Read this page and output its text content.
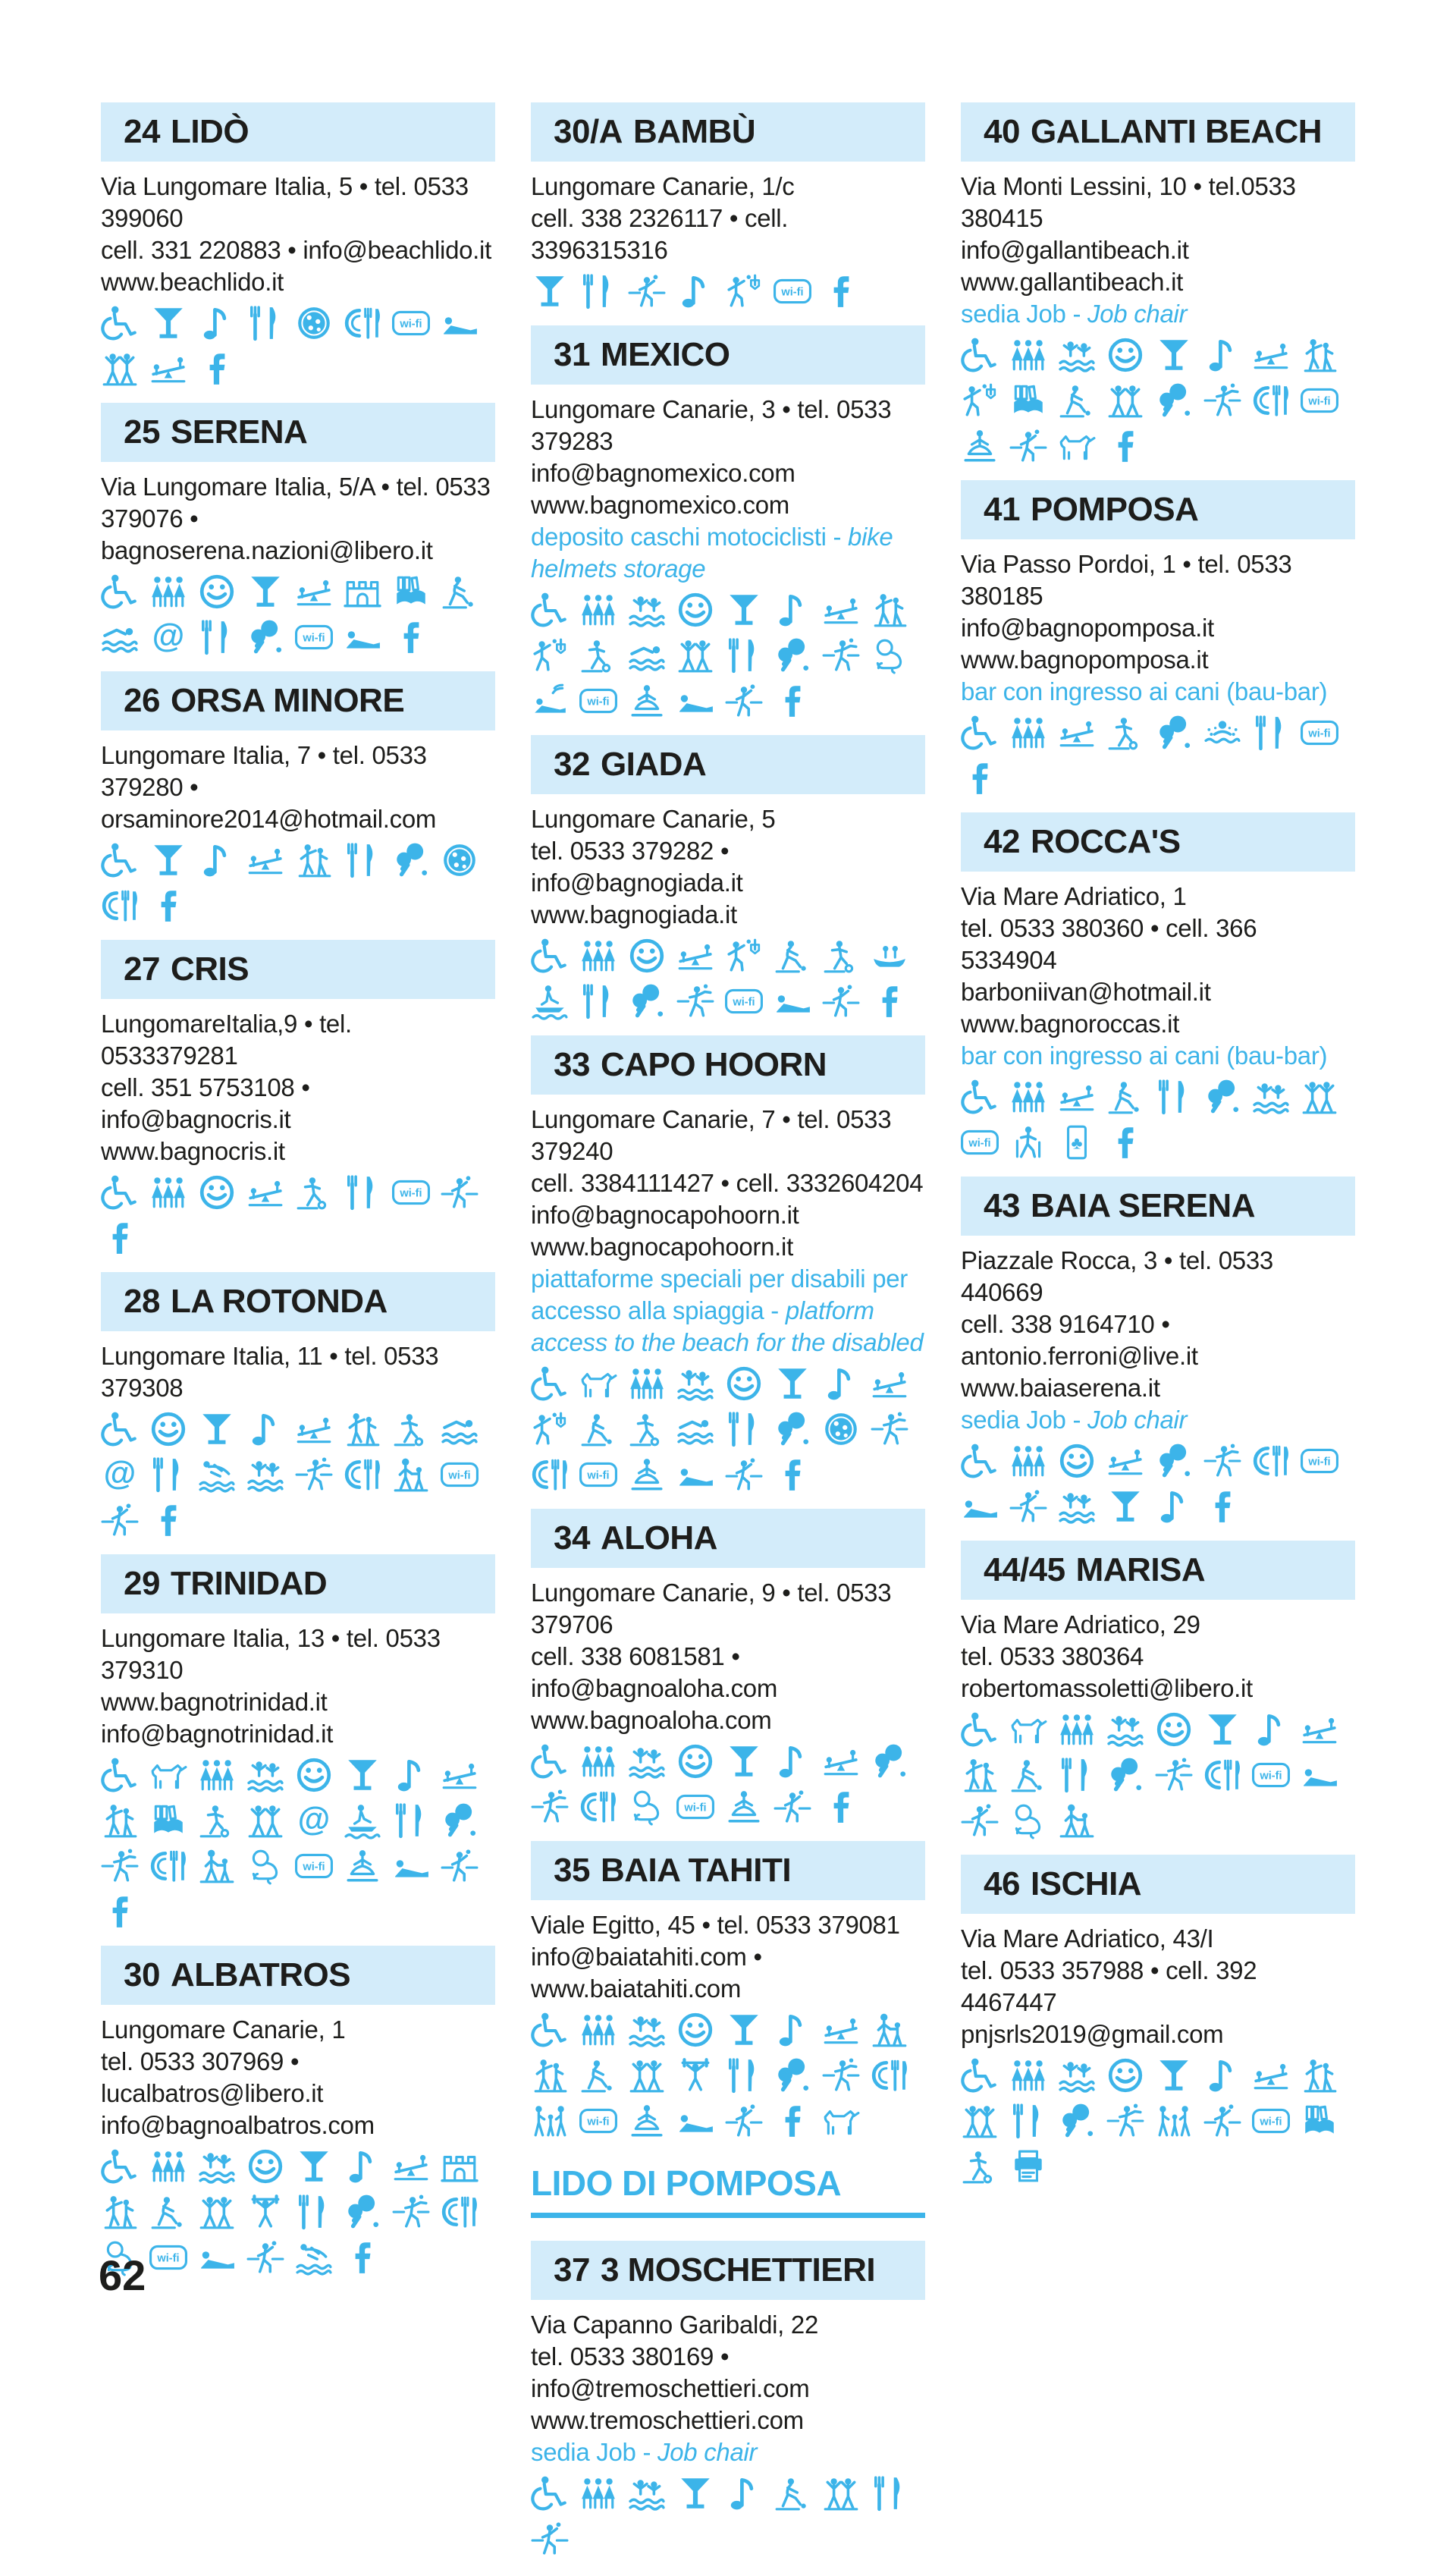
24 LIDÒ
Via Lungomare Italia, 5 • tel. 0533 399060
cell. 331 220883 • info@beachlido.it
www.beachlido.it
wi-fi
25 SERENA
Via Lungomare Italia, 5/A • tel. 0533
379076 • bagnoserena.nazioni@libero.it
@	wi-fi
26 ORSA MINORE
Lungomare Italia, 7 • tel. 0533 379280 •
orsaminore2014@hotmail.com
27 CRIS
LungomareItalia,9 • tel. 0533379281
cell. 351 5753108 • info@bagnocris.it
www.bagnocris.it
wi-fi
28 LA ROTONDA
Lungomare Italia, 11 • tel. 0533 379308
@	wi-fi
29 TRINIDAD
Lungomare Italia, 13 • tel. 0533 379310
www.bagnotrinidad.it
info@bagnotrinidad.it
@
wi-fi
30 ALBATROS
Lungomare Canarie, 1
tel. 0533 307969 • lucalbatros@libero.it
info@bagnoalbatros.com
wi-fi
30/A BAMBÙ
Lungomare Canarie, 1/c
cell. 338 2326117 • cell. 3396315316
wi-fi
31 MEXICO
Lungomare Canarie, 3 • tel. 0533 379283
info@bagnomexico.com
www.bagnomexico.com
deposito caschi motociclisti - bike helmets storage
wi-fi
32 GIADA
Lungomare Canarie, 5
tel. 0533 379282 • info@bagnogiada.it
www.bagnogiada.it
wi-fi
33 CAPO HOORN
Lungomare Canarie, 7 • tel. 0533 379240
cell. 3384111427 • cell. 3332604204
info@bagnocapohoorn.it
www.bagnocapohoorn.it
piattaforme speciali per disabili per accesso alla spiaggia - platform access to the beach for the disabled
wi-fi
34 ALOHA
Lungomare Canarie, 9 • tel. 0533 379706
cell. 338 6081581 • info@bagnoaloha.com
www.bagnoaloha.com
wi-fi
35 BAIA TAHITI
Viale Egitto, 45 • tel. 0533 379081
info@baiatahiti.com • www.baiatahiti.com
wi-fi
LIDO DI POMPOSA
37 3 MOSCHETTIERI
Via Capanno Garibaldi, 22
tel. 0533 380169 • info@tremoschettieri.com
www.tremoschettieri.com
sedia Job - Job chair
40 GALLANTI BEACH
Via Monti Lessini, 10 • tel.0533 380415
info@gallantibeach.it
www.gallantibeach.it
sedia Job - Job chair
wi-fi
41 POMPOSA
Via Passo Pordoi, 1 • tel. 0533 380185
info@bagnopomposa.it
www.bagnopomposa.it
bar con ingresso ai cani (bau-bar)
wi-fi
42 ROCCA'S
Via Mare Adriatico, 1
tel. 0533 380360 • cell. 366 5334904
barboniivan@hotmail.it
www.bagnoroccas.it
bar con ingresso ai cani (bau-bar)
wi-fi	♣
43 BAIA SERENA
Piazzale Rocca, 3 • tel. 0533 440669
cell. 338 9164710 • antonio.ferroni@live.it
www.baiaserena.it
sedia Job - Job chair
wi-fi
44/45 MARISA
Via Mare Adriatico, 29
tel. 0533 380364
robertomassoletti@libero.it
wi-fi
46 ISCHIA
Via Mare Adriatico, 43/I
tel. 0533 357988 • cell. 392 4467447
pnjsrls2019@gmail.com
wi-fi
62
